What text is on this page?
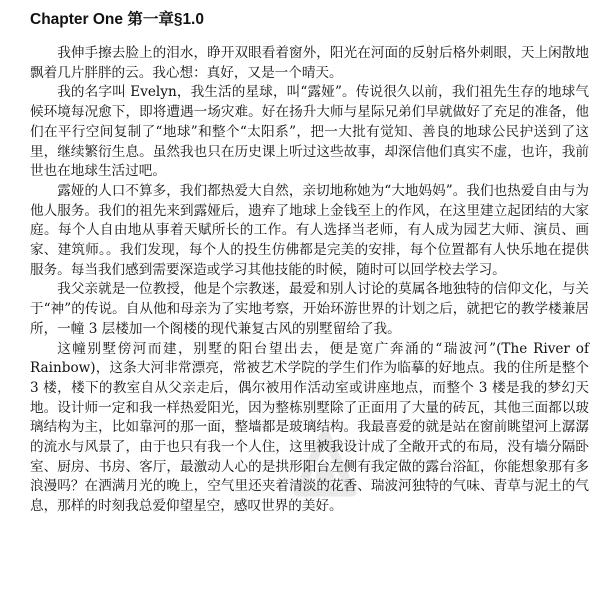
Chapter One 第一章§1.0

我伸手擦去脸上的泪水，睁开双眼看着窗外，阳光在河面的反射后格外刺眼，天上闲散地飘着几片胖胖的云。我心想：真好，又是一个晴天。

我的名字叫 Evelyn，我生活的星球，叫“露娅”。传说很久以前，我们祖先生存的地球气候环境每况愈下，即将遭遇一场灾难。好在扬升大师与星际兄弟们早就做好了充足的准备，他们在平行空间复制了“地球”和整个“太阳系”，把一大批有觉知、善良的地球公民护送到了这里，继续繁衍生息。虽然我也只在历史课上听过这些故事，却深信他们真实不虚，也许，我前世也在地球生活过吧。

露娅的人口不算多，我们都热爱大自然，亲切地称她为“大地妈妈”。我们也热爱自由与为他人服务。我们的祖先来到露娅后，遗弃了地球上金钱至上的作风，在这里建立起团结的大家庭。每个人自由地从事着天赋所长的工作。有人选择当老师，有人成为园艺大师、演员、画家、建筑师。。我们发现，每个人的投生仿佛都是完美的安排，每个位置都有人快乐地在提供服务。每当我们感到需要深造或学习其他技能的时候，随时可以回学校去学习。

我父亲就是一位教授，他是个宗教迷，最爱和别人讨论的莫属各地独特的信仰文化，与关于“神”的传说。自从他和母亲为了实地考察，开始环游世界的计划之后，就把它的教学楼兼居所，一幢 3 层楼加一个阁楼的现代兼复古风的别墅留给了我。

这幢别墅傍河而建，别墅的阳台望出去，便是宽广奔涌的“瑞波河”(The River of Rainbow)，这条大河非常漂亮，常被艺术学院的学生们作为临摹的好地点。我的住所是整个 3 楼，楼下的教室自从父亲走后，偶尔被用作活动室或讲座地点，而整个 3 楼是我的梦幻天地。设计师一定和我一样热爱阳光，因为整栋别墅除了正面用了大量的砖瓦，其他三面都以玻璃结构为主，比如靠河的那一面，整墙都是玻璃结构。我最喜爱的就是站在窗前眺望河上潺潺的流水与风景了，由于也只有我一个人住，这里被我设计成了全敞开式的布局，没有墙分隔卧室、厨房、书房、客厅，最激动人心的是拱形阳台左侧有我定做的露台浴缸，你能想象那有多浪漫吗？在洒满月光的晚上，空气里还夹着清淡的花香、瑞波河独特的气味、青草与泥土的气息，那样的时刻我总爱仰望星空，感叹世界的美好。
